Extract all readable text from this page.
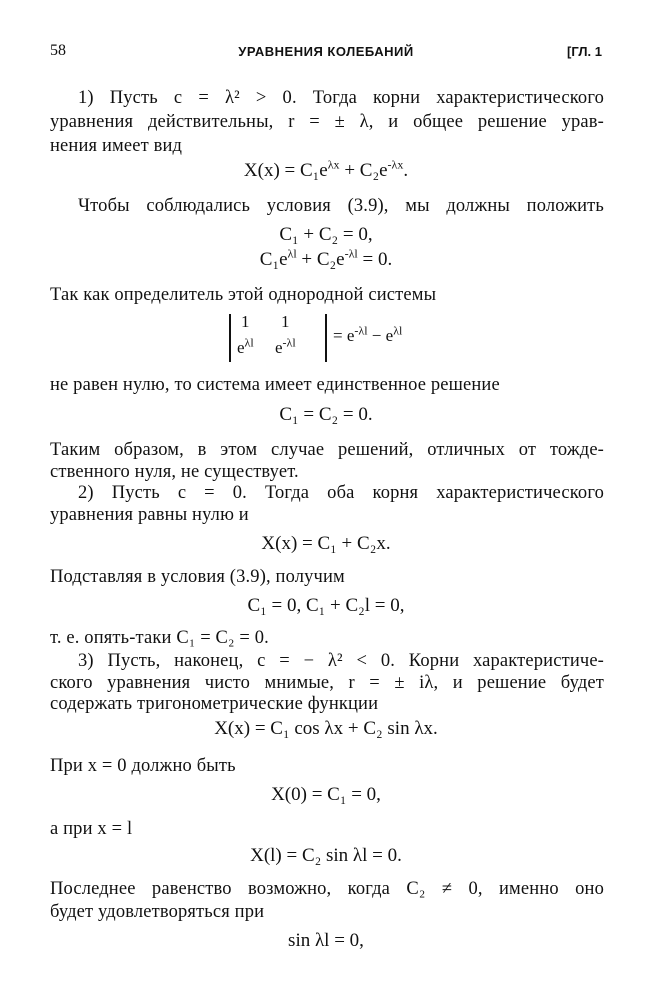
58	УРАВНЕНИЯ КОЛЕБАНИЙ	[ГЛ. 1
1) Пусть c = λ² > 0. Тогда корни характеристического
уравнения действительны, r = ± λ, и общее решение урав-
нения имеет вид
$X(x) = C_1e^{\lambda x} + C_2e^{-\lambda x}$.
Чтобы соблюдались условия (3.9), мы должны положить
C₁ + C₂ = 0,
$C_1e^{\lambda l} + C_2e^{-\lambda l} = 0$.
Так как определитель этой однородной системы
1 1
$e^{\lambda l}$ $e^{-\lambda l} = e^{-\lambda l} - e^{\lambda l}$
не равен нулю, то система имеет единственное решение
C₁ = C₂ = 0.
Таким образом, в этом случае решений, отличных от тожде-
ственного нуля, не существует.
2) Пусть c = 0. Тогда оба корня характеристического
уравнения равны нулю и
X(x) = C₁ + C₂x.
Подставляя в условия (3.9), получим
C₁ = 0, C₁ + C₂l = 0,
т. е. опять-таки C₁ = C₂ = 0.
3) Пусть, наконец, c = − λ² < 0. Корни характеристиче-
ского уравнения чисто мнимые, r = ± iλ, и решение будет
содержать тригонометрические функции
X(x) = C₁ cos λx + C₂ sin λx.
При x = 0 должно быть
X(0) = C₁ = 0,
а при x = l
X(l) = C₂ sin λl = 0.
Последнее равенство возможно, когда C₂ ≠ 0, именно оно
будет удовлетворяться при
sin λl = 0,
